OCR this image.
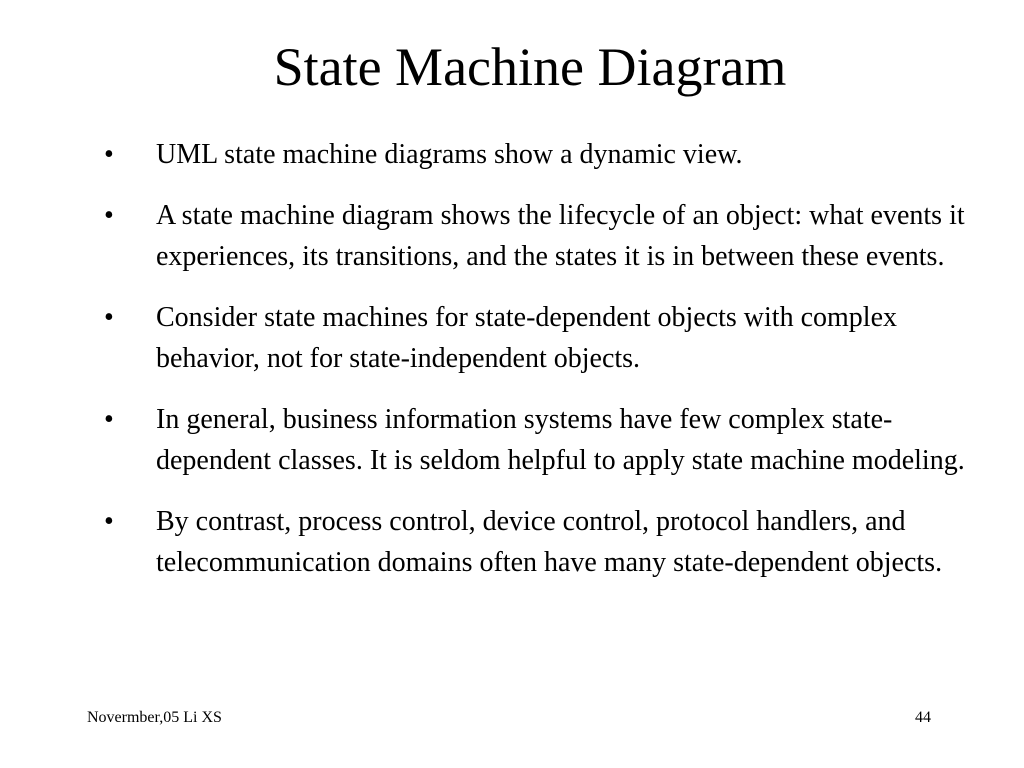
State Machine Diagram
• UML state machine diagrams show a dynamic view.
• A state machine diagram shows the lifecycle of an object: what events it experiences, its transitions, and the states it is in between these events.
• Consider state machines for state-dependent objects with complex behavior, not for state-independent objects.
• In general, business information systems have few complex state-dependent classes. It is seldom helpful to apply state machine modeling.
• By contrast, process control, device control, protocol handlers, and telecommunication domains often have many state-dependent objects.
Novermber,05 Li XS	44
